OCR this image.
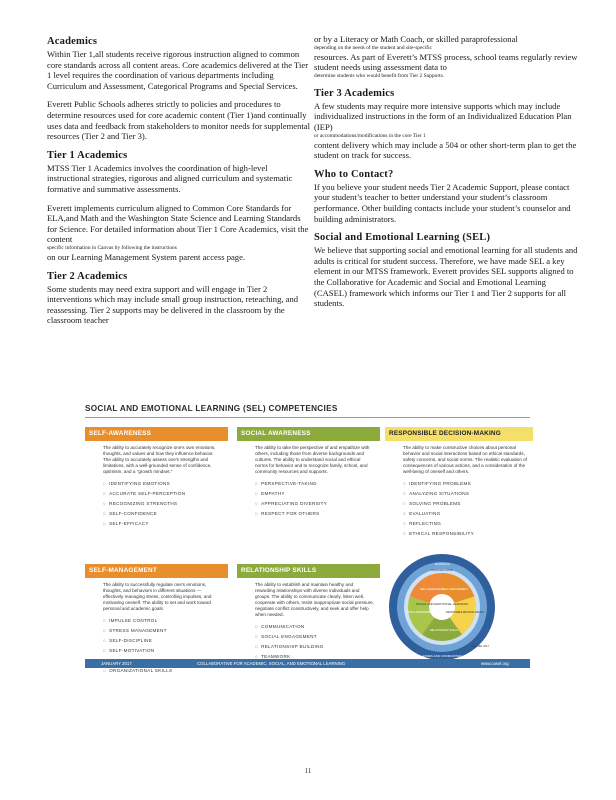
Academics

Within Tier 1,all students receive rigorous instruction aligned to common core standards across all content areas. Core academics delivered at the Tier 1 level requires the coordination of various departments including Curriculum and Assessment, Categorical Programs and Special Services.

Everett Public Schools adheres strictly to policies and procedures to determine resources used for core academic content (Tier 1)and continually uses data and feedback from stakeholders to monitor needs for supplemental resources (Tier 2 and Tier 3).

Tier 1 Academics

MTSS Tier 1 Academics involves the coordination of high-level instructional strategies, rigorous and aligned curriculum and systematic formative and summative assessments.

Everett implements curriculum aligned to Common Core Standards for ELA,and Math and the Washington State Science and Learning Standards for Science. For detailed information about Tier 1 Core Academics, visit the content
specific information in Canvas by following the instructions
on our Learning Management System parent access page.

Tier 2 Academics

Some students may need extra support and will engage in Tier 2 interventions which may include small group instruction, reteaching, and reassessing. Tier 2 supports may be delivered in the classroom by the classroom teacher

or by a Literacy or Math Coach, or skilled paraprofessional
depending on the needs of the student and site-specific
resources. As part of Everett’s MTSS process, school teams regularly review student needs using assessment data to
determine students who would benefit from Tier 2 Supports.

Tier 3 Academics

A few students may require more intensive supports which may include individualized instructions in the form of an Individualized Education Plan (IEP)
or accommodations/modifications in the core Tier 1
content delivery which may include a 504 or other short-term plan to get the student on track for success.

Who to Contact?

If you believe your student needs Tier 2 Academic Support, please contact your student’s teacher to better understand your student’s classroom performance. Other building contacts include your student’s counselor and building administrators.

Social and Emotional Learning (SEL)

We believe that supporting social and emotional learning for all students and adults is critical for student success. Therefore, we have made SEL a key element in our MTSS framework. Everett provides SEL supports aligned to the Collaborative for Academic and Social and Emotional Learning (CASEL) framework which informs our Tier 1 and Tier 2 supports for all students.

SOCIAL AND EMOTIONAL LEARNING (SEL) COMPETENCIES
SELF-AWARENESS
The ability to accurately recognize one's own emotions, thoughts, and values and how they influence behavior. The ability to accurately assess one's strengths and limitations, with a well-grounded sense of confidence, optimism, and a "growth mindset."
○ IDENTIFYING EMOTIONS
○ ACCURATE SELF-PERCEPTION
○ RECOGNIZING STRENGTHS
○ SELF-CONFIDENCE
○ SELF-EFFICACY
SOCIAL AWARENESS
The ability to take the perspective of and empathize with others, including those from diverse backgrounds and cultures. The ability to understand social and ethical norms for behavior and to recognize family, school, and community resources and supports.
○ PERSPECTIVE-TAKING
○ EMPATHY
○ APPRECIATING DIVERSITY
○ RESPECT FOR OTHERS
RESPONSIBLE DECISION-MAKING
The ability to make constructive choices about personal behavior and social interactions based on ethical standards, safety concerns, and social norms. The realistic evaluation of consequences of various actions, and a consideration of the well-being of oneself and others.
○ IDENTIFYING PROBLEMS
○ ANALYZING SITUATIONS
○ SOLVING PROBLEMS
○ EVALUATING
○ REFLECTING
○ ETHICAL RESPONSIBILITY
SELF-MANAGEMENT
The ability to successfully regulate one's emotions, thoughts, and behaviors in different situations — effectively managing stress, controlling impulses, and motivating oneself. The ability to set and work toward personal and academic goals.
○ IMPULSE CONTROL
○ STRESS MANAGEMENT
○ SELF-DISCIPLINE
○ SELF-MOTIVATION
○
○ ORGANIZATIONAL SKILLS
RELATIONSHIP SKILLS
The ability to establish and maintain healthy and rewarding relationships with diverse individuals and groups. The ability to communicate clearly, listen well, cooperate with others, resist inappropriate social pressure, negotiate conflict constructively, and seek and offer help when needed.
○ COMMUNICATION
○ SOCIAL ENGAGEMENT
○ RELATIONSHIP BUILDING
○ TEAMWORK
SOCIAL AND EMOTIONAL LEARNING
SELF-AWARENESS
SELF-MANAGEMENT
RESPONSIBLE DECISION-MAKING
RELATIONSHIP SKILLS
SOCIAL AWARENESS
CLASSROOMS
SCHOOLS
HOMES AND COMMUNITIES
© CASEL 2017
JANUARY 2017	COLLABORATIVE FOR ACADEMIC, SOCIAL, AND EMOTIONAL LEARNING	www.casel.org
11
